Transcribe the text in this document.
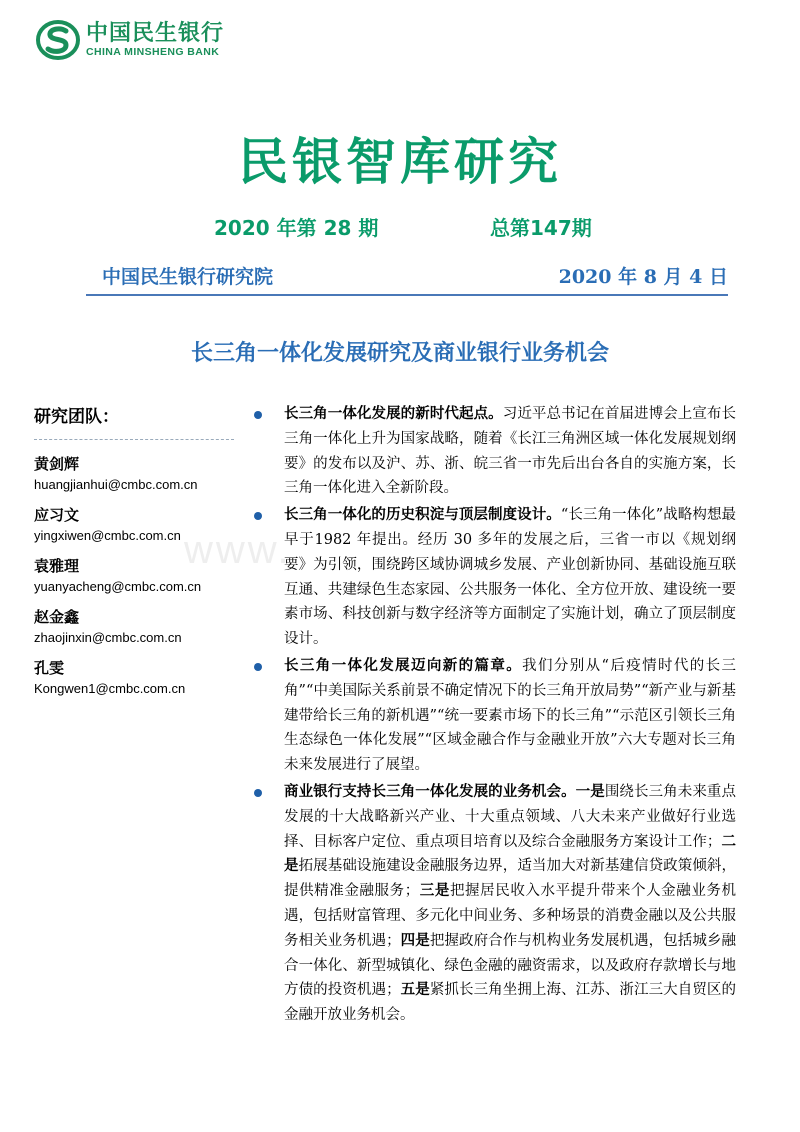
中国民生银行
CHINA MINSHENG BANK
民银智库研究
2020 年第 28 期	总第147期
中国民生银行研究院	2020 年 8 月 4 日
长三角一体化发展研究及商业银行业务机会
www.
研究团队：
黄剑辉
huangjianhui@cmbc.com.cn
应习文
yingxiwen@cmbc.com.cn
袁雅理
yuanyacheng@cmbc.com.cn
赵金鑫
zhaojinxin@cmbc.com.cn
孔雯
Kongwen1@cmbc.com.cn
长三角一体化发展的新时代起点。习近平总书记在首届进博会上宣布长三角一体化上升为国家战略，随着《长江三角洲区域一体化发展规划纲要》的发布以及沪、苏、浙、皖三省一市先后出台各自的实施方案，长三角一体化进入全新阶段。
长三角一体化的历史积淀与顶层制度设计。“长三角一体化”战略构想最早于1982 年提出。经历 30 多年的发展之后，三省一市以《规划纲要》为引领，围绕跨区域协调城乡发展、产业创新协同、基础设施互联互通、共建绿色生态家园、公共服务一体化、全方位开放、建设统一要素市场、科技创新与数字经济等方面制定了实施计划，确立了顶层制度设计。
长三角一体化发展迈向新的篇章。我们分别从“后疫情时代的长三角”“中美国际关系前景不确定情况下的长三角开放局势”“新产业与新基建带给长三角的新机遇”“统一要素市场下的长三角”“示范区引领长三角生态绿色一体化发展”“区域金融合作与金融业开放”六大专题对长三角未来发展进行了展望。
商业银行支持长三角一体化发展的业务机会。一是围绕长三角未来重点发展的十大战略新兴产业、十大重点领域、八大未来产业做好行业选择、目标客户定位、重点项目培育以及综合金融服务方案设计工作；二是拓展基础设施建设金融服务边界，适当加大对新基建信贷政策倾斜，提供精准金融服务；三是把握居民收入水平提升带来个人金融业务机遇，包括财富管理、多元化中间业务、多种场景的消费金融以及公共服务相关业务机遇；四是把握政府合作与机构业务发展机遇，包括城乡融合一体化、新型城镇化、绿色金融的融资需求，以及政府存款增长与地方债的投资机遇；五是紧抓长三角坐拥上海、江苏、浙江三大自贸区的金融开放业务机会。
